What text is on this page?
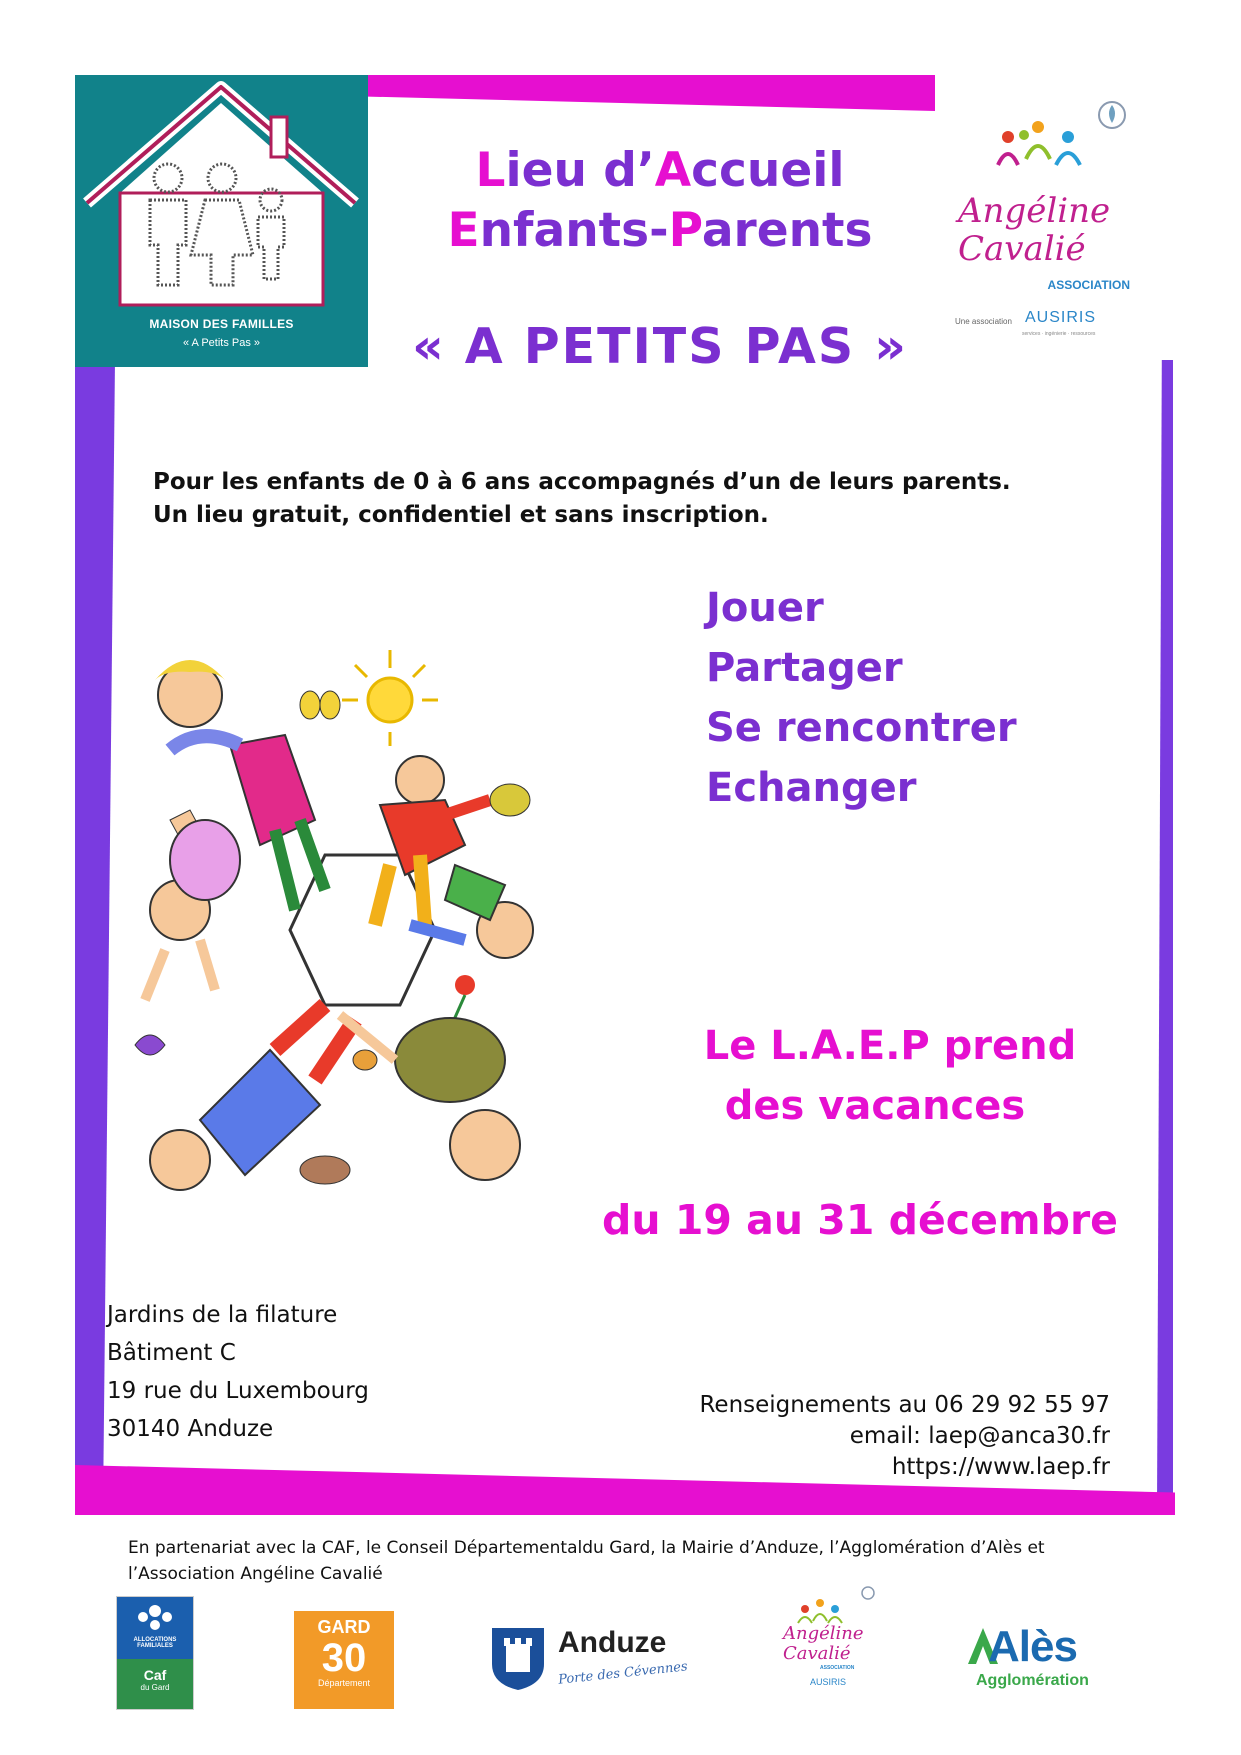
MAISON DES FAMILLES
« A Petits Pas »
Lieu d’Accueil
Enfants-Parents
« A PETITS PAS »
Angéline
Cavalié
ASSOCIATION
Une association AUSIRIS
services · ingénierie · ressources
Pour les enfants de 0 à 6 ans accompagnés d’un de leurs parents.
Un lieu gratuit, confidentiel et sans inscription.
Jouer
Partager
Se rencontrer
Echanger
Le L.A.E.P prend
des vacances
du 19 au 31 décembre
Jardins de la filature
Bâtiment C
19 rue du Luxembourg
30140 Anduze
Renseignements au 06 29 92 55 97
email: laep@anca30.fr
https://www.laep.fr
En partenariat avec la CAF, le Conseil Départementaldu Gard, la Mairie d’Anduze, l’Agglomération d’Alès et
l’Association Angéline Cavalié
ALLOCATIONS FAMILIALES
Caf
du Gard
GARD
30
Département
Anduze
Porte des Cévennes
Angéline
Cavalié
ASSOCIATION
AUSIRIS
Alès
Agglomération
